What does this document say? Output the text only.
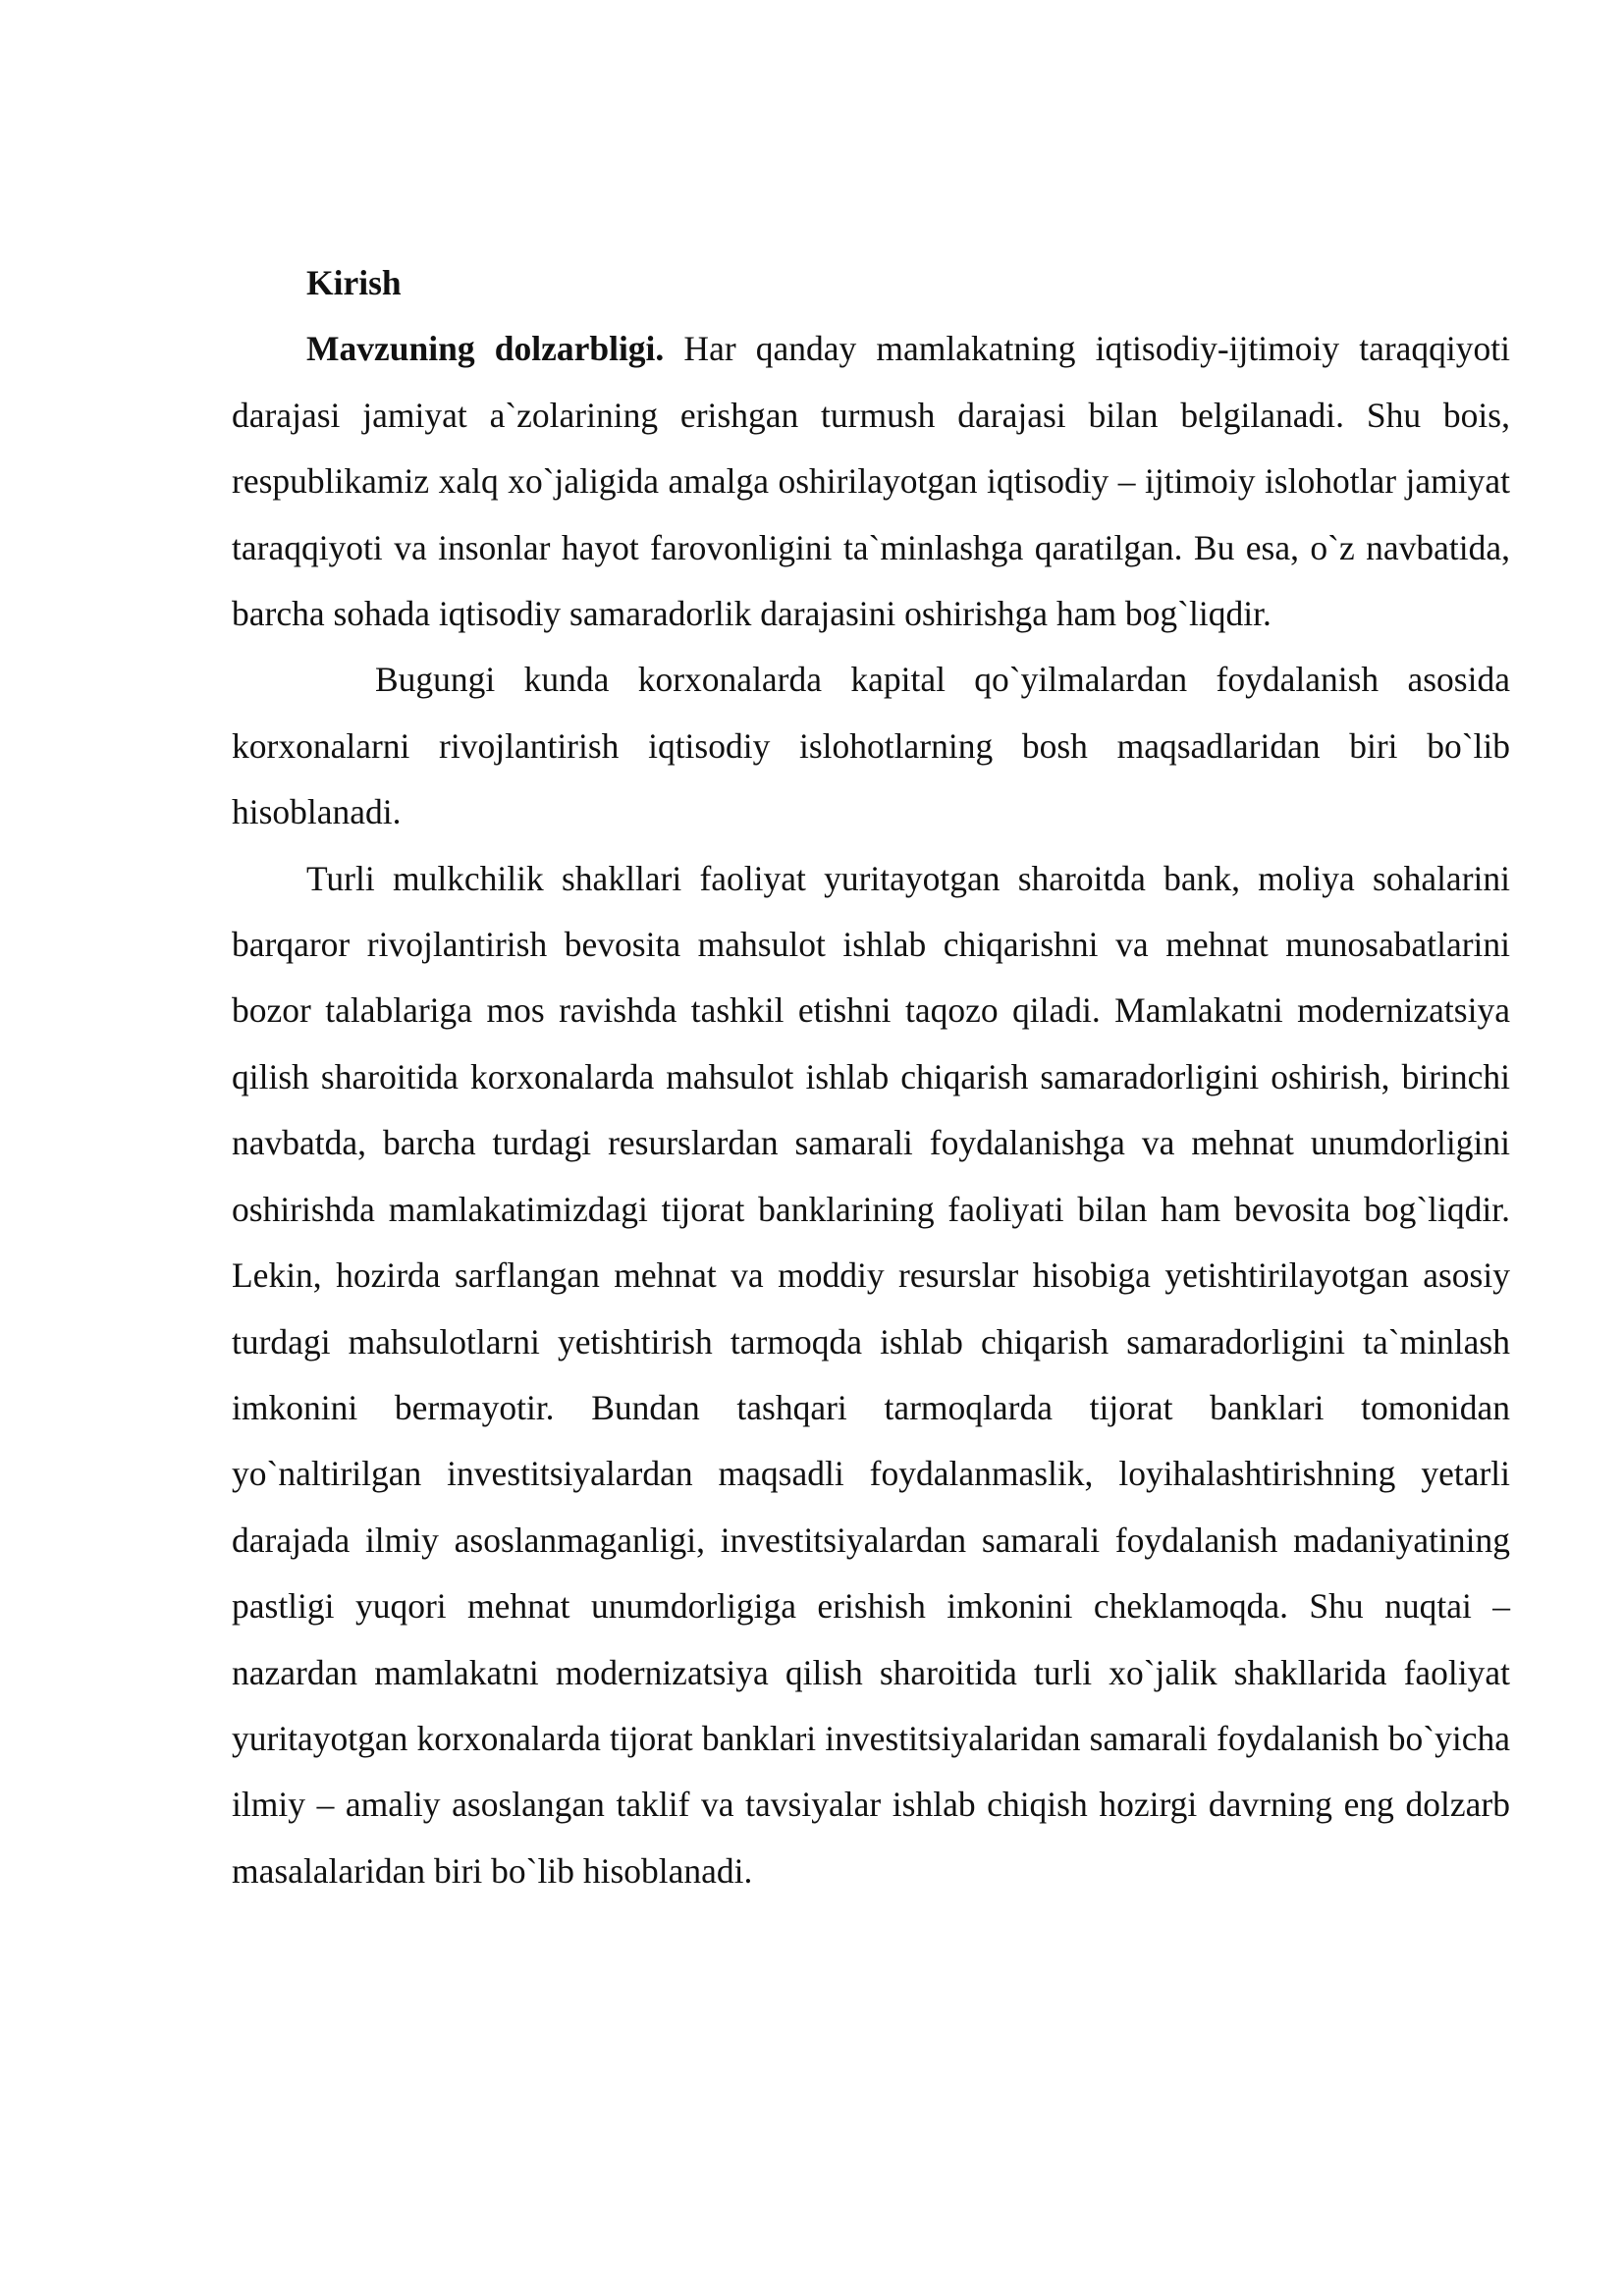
Kirish

Mavzuning dolzarbligi. Har qanday mamlakatning iqtisodiy-ijtimoiy taraqqiyoti darajasi jamiyat a`zolarining erishgan turmush darajasi bilan belgilanadi. Shu bois, respublikamiz xalq xo`jaligida amalga oshirilayotgan iqtisodiy – ijtimoiy islohotlar jamiyat taraqqiyoti va insonlar hayot farovonligini ta`minlashga qaratilgan. Bu esa, o`z navbatida, barcha sohada iqtisodiy samaradorlik darajasini oshirishga ham bog`liqdir.

Bugungi kunda korxonalarda kapital qo`yilmalardan foydalanish asosida korxonalarni rivojlantirish iqtisodiy islohotlarning bosh maqsadlaridan biri bo`lib hisoblanadi.

Turli mulkchilik shakllari faoliyat yuritayotgan sharoitda bank, moliya sohalarini barqaror rivojlantirish bevosita mahsulot ishlab chiqarishni va mehnat munosabatlarini bozor talablariga mos ravishda tashkil etishni taqozo qiladi. Mamlakatni modernizatsiya qilish sharoitida korxonalarda mahsulot ishlab chiqarish samaradorligini oshirish, birinchi navbatda, barcha turdagi resurslardan samarali foydalanishga va mehnat unumdorligini oshirishda mamlakatimizdagi tijorat banklarining faoliyati bilan ham bevosita bog`liqdir. Lekin, hozirda sarflangan mehnat va moddiy resurslar hisobiga yetishtirilayotgan asosiy turdagi mahsulotlarni yetishtirish tarmoqda ishlab chiqarish samaradorligini ta`minlash imkonini bermayotir. Bundan tashqari tarmoqlarda tijorat banklari tomonidan yo`naltirilgan investitsiyalardan maqsadli foydalanmaslik, loyihalashtirishning yetarli darajada ilmiy asoslanmaganligi, investitsiyalardan samarali foydalanish madaniyatining pastligi yuqori mehnat unumdorligiga erishish imkonini cheklamoqda. Shu nuqtai – nazardan mamlakatni modernizatsiya qilish sharoitida turli xo`jalik shakllarida faoliyat yuritayotgan korxonalarda tijorat banklari investitsiyalaridan samarali foydalanish bo`yicha ilmiy – amaliy asoslangan taklif va tavsiyalar ishlab chiqish hozirgi davrning eng dolzarb masalalaridan biri bo`lib hisoblanadi.
